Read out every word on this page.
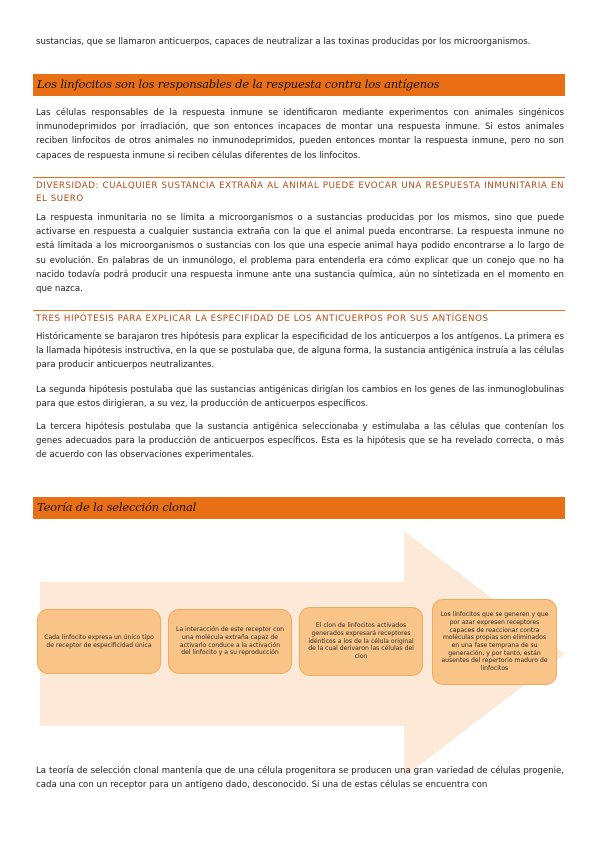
sustancias, que se llamaron anticuerpos, capaces de neutralizar a las toxinas producidas por los microorganismos.

Los linfocitos son los responsables de la respuesta contra los antígenos

Las células responsables de la respuesta inmune se identificaron mediante experimentos con animales singénicos inmunodeprimidos por irradiación, que son entonces incapaces de montar una respuesta inmune. Si estos animales reciben linfocitos de otros animales no inmunodeprimidos, pueden entonces montar la respuesta inmune, pero no son capaces de respuesta inmune si reciben células diferentes de los linfocitos.

DIVERSIDAD: CUALQUIER SUSTANCIA EXTRAÑA AL ANIMAL PUEDE EVOCAR UNA RESPUESTA INMUNITARIA EN EL SUERO

La respuesta inmunitaria no se limita a microorganismos o a sustancias producidas por los mismos, sino que puede activarse en respuesta a cualquier sustancia extraña con la que el animal pueda encontrarse. La respuesta inmune no está limitada a los microorganismos o sustancias con los que una especie animal haya podido encontrarse a lo largo de su evolución. En palabras de un inmunólogo, el problema para entenderla era cómo explicar que un conejo que no ha nacido todavía podrá producir una respuesta inmune ante una sustancia química, aún no sintetizada en el momento en que nazca.

TRES HIPÓTESIS PARA EXPLICAR LA ESPECIFIDAD DE LOS ANTICUERPOS POR SUS ANTÍGENOS

Históricamente se barajaron tres hipótesis para explicar la especificidad de los anticuerpos a los antígenos. La primera es la llamada hipótesis instructiva, en la que se postulaba que, de alguna forma, la sustancia antigénica instruía a las células para producir anticuerpos neutralizantes.

La segunda hipótesis postulaba que las sustancias antigénicas dirigían los cambios en los genes de las inmunoglobulinas para que estos dirigieran, a su vez, la producción de anticuerpos específicos.

La tercera hipótesis postulaba que la sustancia antigénica seleccionaba y estimulaba a las células que contenían los genes adecuados para la producción de anticuerpos específicos. Esta es la hipótesis que se ha revelado correcta, o más de acuerdo con las observaciones experimentales.

Teoría de la selección clonal

Cada linfocito expresa un único tipo de receptor de especificidad única
La interacción de este receptor con una molécula extraña capaz de activarlo conduce a la activación del linfocito y a su reproducción
El clon de linfocitos activados generados expresará receptores idénticos a los de la célula original de la cual derivaron las células del clon
Los linfocitos que se generen y que por azar expresen receptores capaces de reaccionar contra moléculas propias son eliminados en una fase temprana de su generación, y por tanto, están ausentes del repertorio maduro de linfocitos

La teoría de selección clonal mantenía que de una célula progenitora se producen una gran variedad de células progenie, cada una con un receptor para un antígeno dado, desconocido. Si una de estas células se encuentra con
